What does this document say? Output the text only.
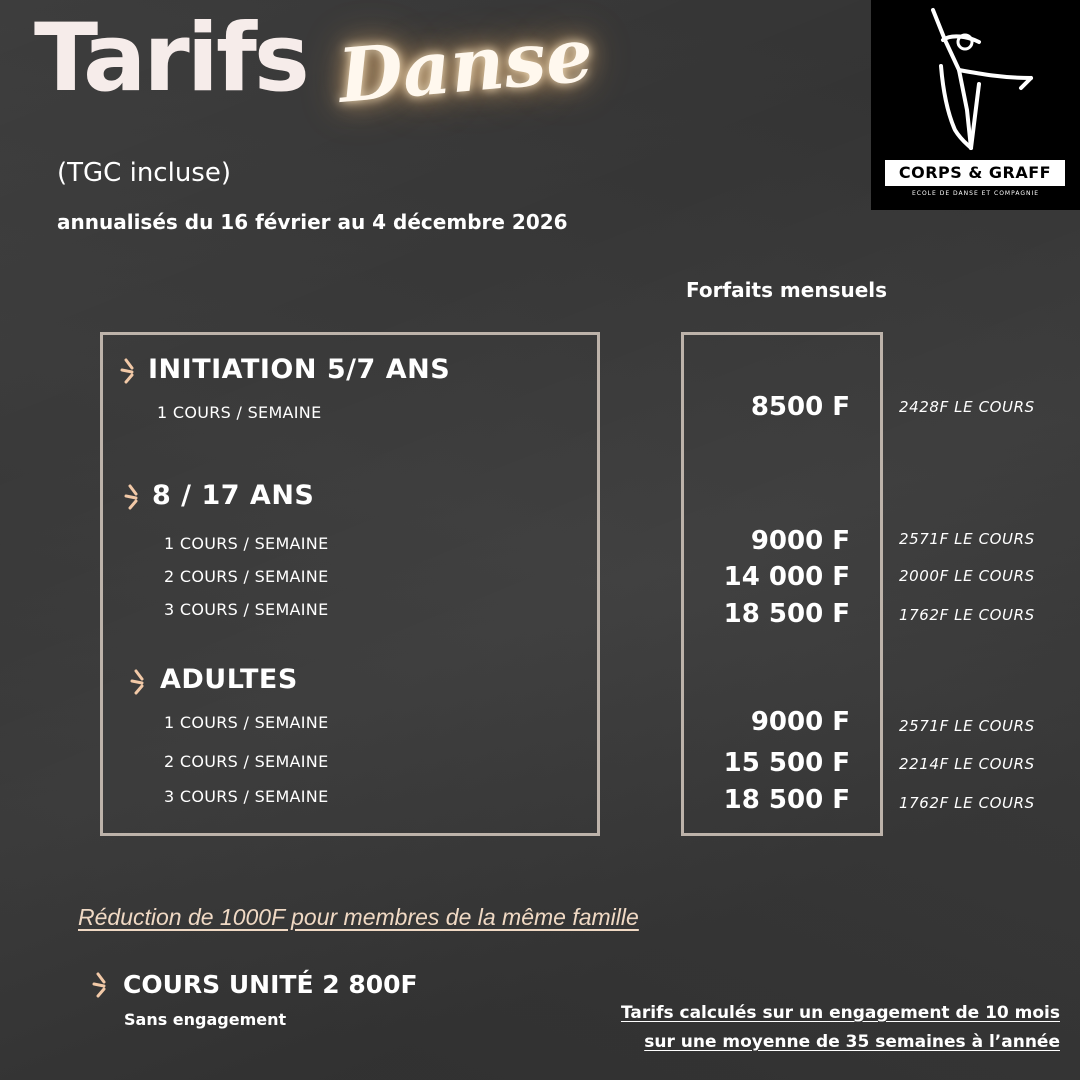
Tarifs Danse
(TGC incluse)
annualisés du 16 février au 4 décembre 2026
CORPS & GRAFF
ECOLE DE DANSE ET COMPAGNIE
Forfaits mensuels
INITIATION 5/7 ANS
1 COURS / SEMAINE	8500 F	2428F LE COURS
8 / 17 ANS
1 COURS / SEMAINE	9000 F	2571F LE COURS
2 COURS / SEMAINE	14 000 F	2000F LE COURS
3 COURS / SEMAINE	18 500 F	1762F LE COURS
ADULTES
1 COURS / SEMAINE	9000 F	2571F LE COURS
2 COURS / SEMAINE	15 500 F	2214F LE COURS
3 COURS / SEMAINE	18 500 F	1762F LE COURS
Réduction de 1000F pour membres de la même famille
COURS UNITÉ 2 800F
Sans engagement	Tarifs calculés sur un engagement de 10 mois
sur une moyenne de 35 semaines à l’année
